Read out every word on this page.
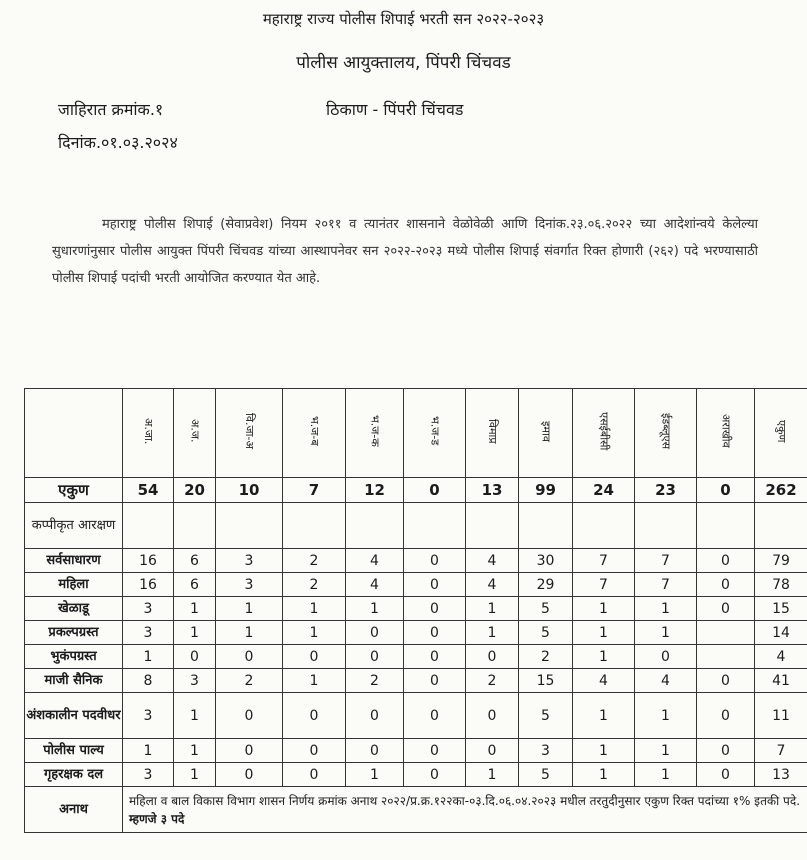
महाराष्ट्र राज्य पोलीस शिपाई भरती सन २०२२-२०२३
पोलीस आयुक्तालय, पिंपरी चिंचवड
जाहिरात क्रमांक.१	ठिकाण - पिंपरी चिंचवड
दिनांक.०१.०३.२०२४
महाराष्ट्र पोलीस शिपाई (सेवाप्रवेश) नियम २०११ व त्यानंतर शासनाने वेळोवेळी आणि दिनांक.२३.०६.२०२२ च्या आदेशांन्वये केलेल्या सुधारणांनुसार पोलीस आयुक्त पिंपरी चिंचवड यांच्या आस्थापनेवर सन २०२२-२०२३ मध्ये पोलीस शिपाई संवर्गात रिक्त होणारी (२६२) पदे भरण्यासाठी पोलीस शिपाई पदांची भरती आयोजित करण्यात येत आहे.
	अ.जा.	अ.ज.	वि.जा-अ	भ.ज-ब	भ.ज-क	भ.ज-ड	विमाप्र	इमाव	एसईबीसी	ईडब्लूएस	अराखीव	एकुण
एकुण	54	20	10	7	12	0	13	99	24	23	0	262
कप्पीकृत आरक्षण												
सर्वसाधारण	16	6	3	2	4	0	4	30	7	7	0	79
महिला	16	6	3	2	4	0	4	29	7	7	0	78
खेळाडू	3	1	1	1	1	0	1	5	1	1	0	15
प्रकल्पग्रस्त	3	1	1	1	0	0	1	5	1	1		14
भुकंपग्रस्त	1	0	0	0	0	0	0	2	1	0		4
माजी सैनिक	8	3	2	1	2	0	2	15	4	4	0	41
अंशकालीन पदवीधर	3	1	0	0	0	0	0	5	1	1	0	11
पोलीस पाल्य	1	1	0	0	0	0	0	3	1	1	0	7
गृहरक्षक दल	3	1	0	0	1	0	1	5	1	1	0	13
अनाथ	महिला व बाल विकास विभाग शासन निर्णय क्रमांक अनाथ २०२२/प्र.क्र.१२२का-०३.दि.०६.०४.२०२३ मधील तरतुदीनुसार एकुण रिक्त पदांच्या १% इतकी पदे. म्हणजे ३ पदे											
